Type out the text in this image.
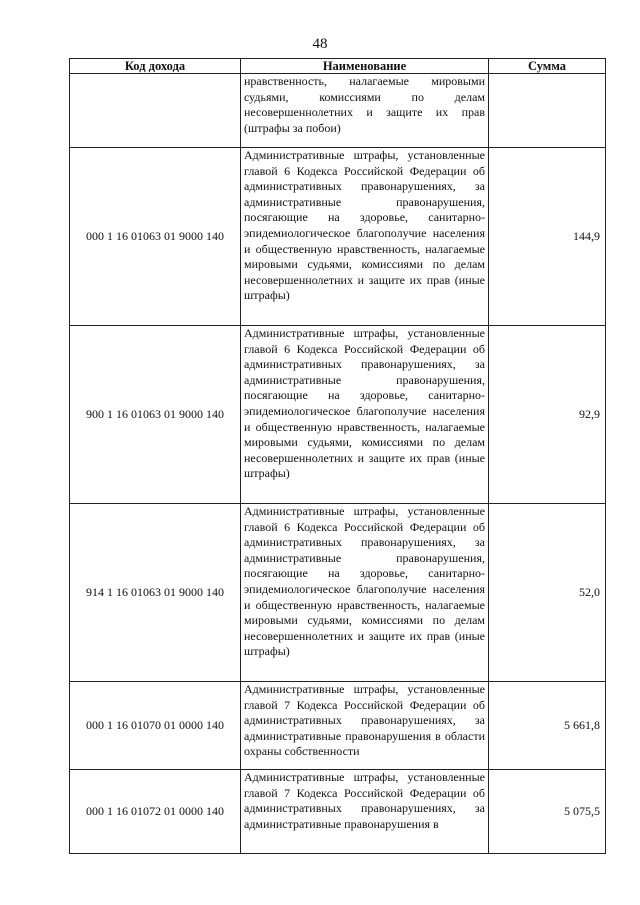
48
Код дохода	Наименование	Сумма

	нравственность, налагаемые мировыми судьями, комиссиями по делам несовершеннолетних и защите их прав (штрафы за побои)	

000 1 16 01063 01 9000 140	Административные штрафы, установленные главой 6 Кодекса Российской Федерации об административных правонарушениях, за административные правонарушения, посягающие на здоровье, санитарно-эпидемиологическое благополучие населения и общественную нравственность, налагаемые мировыми судьями, комиссиями по делам несовершеннолетних и защите их прав (иные штрафы)	144,9
900 1 16 01063 01 9000 140	Административные штрафы, установленные главой 6 Кодекса Российской Федерации об административных правонарушениях, за административные правонарушения, посягающие на здоровье, санитарно-эпидемиологическое благополучие населения и общественную нравственность, налагаемые мировыми судьями, комиссиями по делам несовершеннолетних и защите их прав (иные штрафы)	92,9
914 1 16 01063 01 9000 140	Административные штрафы, установленные главой 6 Кодекса Российской Федерации об административных правонарушениях, за административные правонарушения, посягающие на здоровье, санитарно-эпидемиологическое благополучие населения и общественную нравственность, налагаемые мировыми судьями, комиссиями по делам несовершеннолетних и защите их прав (иные штрафы)	52,0
000 1 16 01070 01 0000 140	Административные штрафы, установленные главой 7 Кодекса Российской Федерации об административных правонарушениях, за административные правонарушения в области охраны собственности	5 661,8
000 1 16 01072 01 0000 140	Административные штрафы, установленные главой 7 Кодекса Российской Федерации об административных правонарушениях, за административные правонарушения в	5 075,5
